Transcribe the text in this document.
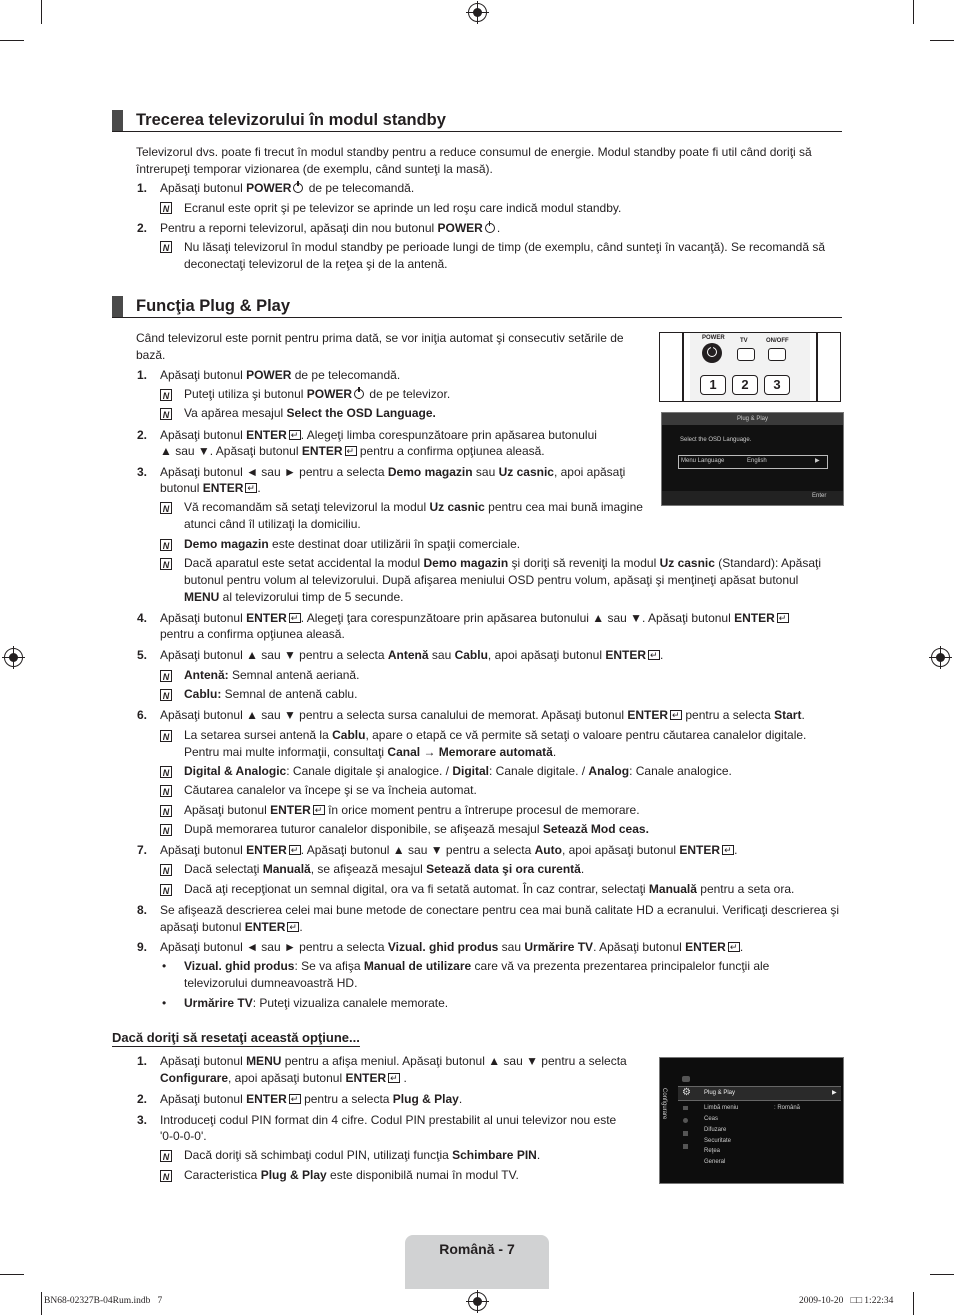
Trecerea televizorului în modul standby
Televizorul dvs. poate fi trecut în modul standby pentru a reduce consumul de energie. Modul standby poate fi util când doriţi să întrerupeţi temporar vizionarea (de exemplu, când sunteţi la masă).
1. Apăsaţi butonul POWER de pe telecomandă.
N Ecranul este oprit şi pe televizor se aprinde un led roşu care indică modul standby.
2. Pentru a reporni televizorul, apăsaţi din nou butonul POWER .
N Nu lăsaţi televizorul în modul standby pe perioade lungi de timp (de exemplu, când sunteţi în vacanţă). Se recomandă să deconectaţi televizorul de la reţea şi de la antenă.
Funcţia Plug & Play
Când televizorul este pornit pentru prima dată, se vor iniţia automat şi consecutiv setările de bază.
POWER	TV	ON/OFF
1	2	3
Plug & Play
Select the OSD Language.
Menu Language	English	▶
Enter
1. Apăsaţi butonul POWER de pe telecomandă.
N Puteţi utiliza şi butonul POWER de pe televizor.
N Va apărea mesajul Select the OSD Language.
2. Apăsaţi butonul ENTER ↵ . Alegeţi limba corespunzătoare prin apăsarea butonului
▲ sau ▼. Apăsaţi butonul ENTER↵ pentru a confirma opţiunea aleasă.
3. Apăsaţi butonul ◄ sau ► pentru a selecta Demo magazin sau Uz casnic, apoi apăsaţi
butonul ENTER ↵ .
N Vă recomandăm să setaţi televizorul la modul Uz casnic pentru cea mai bună imagine
atunci când îl utilizaţi la domiciliu.
N Demo magazin este destinat doar utilizării în spaţii comerciale.
N Dacă aparatul este setat accidental la modul Demo magazin şi doriţi să reveniţi la modul Uz casnic (Standard): Apăsaţi
butonul pentru volum al televizorului. După afişarea meniului OSD pentru volum, apăsaţi şi menţineţi apăsat butonul
MENU al televizorului timp de 5 secunde.
4. Apăsaţi butonul ENTER ↵ . Alegeţi ţara corespunzătoare prin apăsarea butonului ▲ sau ▼. Apăsaţi butonul ENTER↵
pentru a confirma opţiunea aleasă.
5. Apăsaţi butonul ▲ sau ▼ pentru a selecta Antenă sau Cablu, apoi apăsaţi butonul ENTER ↵ .
N Antenă: Semnal antenă aeriană.
N Cablu: Semnal de antenă cablu.
6. Apăsaţi butonul ▲ sau ▼ pentru a selecta sursa canalului de memorat. Apăsaţi butonul ENTER↵ pentru a selecta Start.
N La setarea sursei antenă la Cablu, apare o etapă ce vă permite să setaţi o valoare pentru căutarea canalelor digitale.
Pentru mai multe informaţii, consultaţi Canal → Memorare automată.
N Digital & Analogic: Canale digitale şi analogice. / Digital: Canale digitale. / Analog: Canale analogice.
N Căutarea canalelor va începe şi se va încheia automat.
N Apăsaţi butonul ENTER↵ în orice moment pentru a întrerupe procesul de memorare.
N După memorarea tuturor canalelor disponibile, se afişează mesajul Setează Mod ceas.
7. Apăsaţi butonul ENTER ↵ . Apăsaţi butonul ▲ sau ▼ pentru a selecta Auto, apoi apăsaţi butonul ENTER ↵ .
N Dacă selectaţi Manuală, se afişează mesajul Setează data şi ora curentă.
N Dacă aţi recepţionat un semnal digital, ora va fi setată automat. În caz contrar, selectaţi Manuală pentru a seta ora.
8. Se afişează descrierea celei mai bune metode de conectare pentru cea mai bună calitate HD a ecranului. Verificaţi descrierea şi apăsaţi butonul ENTER ↵ .
9. Apăsaţi butonul ◄ sau ► pentru a selecta Vizual. ghid produs sau Urmărire TV. Apăsaţi butonul ENTER ↵ .
• Vizual. ghid produs: Se va afişa Manual de utilizare care vă va prezenta prezentarea principalelor funcţii ale
televizorului dumneavoastră HD.
• Urmărire TV: Puteţi vizualiza canalele memorate.
Dacă doriţi să resetaţi această opţiune...
1. Apăsaţi butonul MENU pentru a afişa meniul. Apăsaţi butonul ▲ sau ▼ pentru a selecta
Configurare, apoi apăsaţi butonul ENTER↵ .
2. Apăsaţi butonul ENTER↵ pentru a selecta Plug & Play.
3. Introduceţi codul PIN format din 4 cifre. Codul PIN prestabilit al unui televizor nou este
'0-0-0-0'.
N Dacă doriţi să schimbaţi codul PIN, utilizaţi funcţia Schimbare PIN.
N Caracteristica Plug & Play este disponibilă numai în modul TV.
Configurare ⚙ Plug & Play	▶
Limbă meniu	: Română
Ceas
Difuzare
Securitate
Reţea
General
Română - 7
BN68-02327B-04Rum.indb   7	2009-10-20   □□ 1:22:34
